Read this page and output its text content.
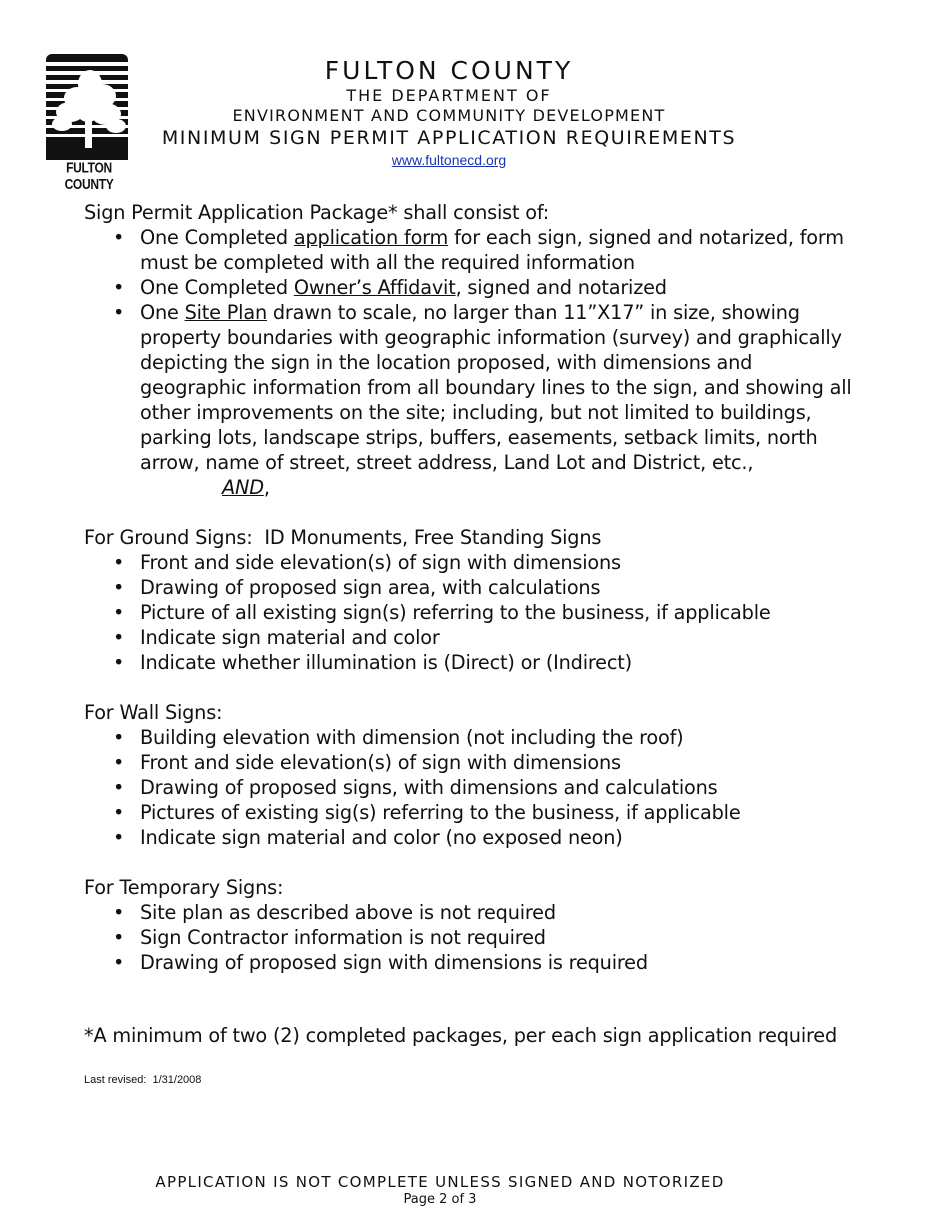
FULTON COUNTY
FULTON COUNTY
THE DEPARTMENT OF
ENVIRONMENT AND COMMUNITY DEVELOPMENT
MINIMUM SIGN PERMIT APPLICATION REQUIREMENTS
www.fultonecd.org

Sign Permit Application Package* shall consist of:

• One Completed application form for each sign, signed and notarized, form must be completed with all the required information
• One Completed Owner’s Affidavit, signed and notarized
• One Site Plan drawn to scale, no larger than 11”X17” in size, showing property boundaries with geographic information (survey) and graphically depicting the sign in the location proposed, with dimensions and geographic information from all boundary lines to the sign, and showing all other improvements on the site; including, but not limited to buildings, parking lots, landscape strips, buffers, easements, setback limits, north arrow, name of street, street address, Land Lot and District, etc.,
AND,

For Ground Signs:  ID Monuments, Free Standing Signs

• Front and side elevation(s) of sign with dimensions
• Drawing of proposed sign area, with calculations
• Picture of all existing sign(s) referring to the business, if applicable
• Indicate sign material and color
• Indicate whether illumination is (Direct) or (Indirect)

For Wall Signs:

• Building elevation with dimension (not including the roof)
• Front and side elevation(s) of sign with dimensions
• Drawing of proposed signs, with dimensions and calculations
• Pictures of existing sig(s) referring to the business, if applicable
• Indicate sign material and color (no exposed neon)

For Temporary Signs:

• Site plan as described above is not required
• Sign Contractor information is not required
• Drawing of proposed sign with dimensions is required
*A minimum of two (2) completed packages, per each sign application required
Last revised:  1/31/2008
APPLICATION IS NOT COMPLETE UNLESS SIGNED AND NOTORIZED
Page 2 of 3
